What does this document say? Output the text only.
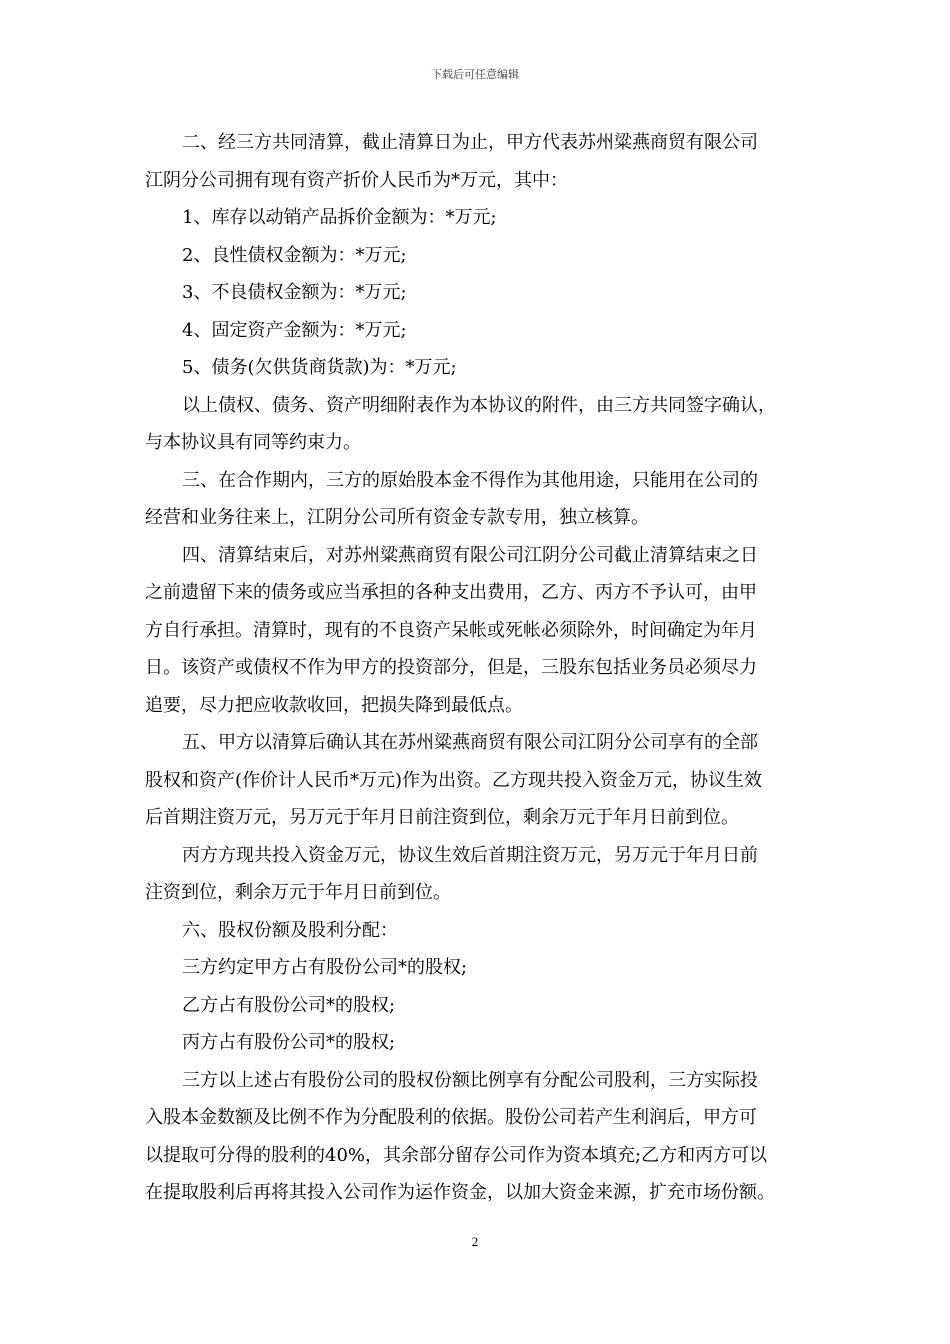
下载后可任意编辑

二、经三方共同清算，截止清算日为止，甲方代表苏州粱燕商贸有限公司

江阴分公司拥有现有资产折价人民币为*万元，其中：

1、库存以动销产品拆价金额为：*万元;

2、良性债权金额为：*万元;

3、不良债权金额为：*万元;

4、固定资产金额为：*万元;

5、债务(欠供货商货款)为：*万元;

以上债权、债务、资产明细附表作为本协议的附件，由三方共同签字确认，

与本协议具有同等约束力。

三、在合作期内，三方的原始股本金不得作为其他用途，只能用在公司的

经营和业务往来上，江阴分公司所有资金专款专用，独立核算。

四、清算结束后，对苏州粱燕商贸有限公司江阴分公司截止清算结束之日

之前遗留下来的债务或应当承担的各种支出费用，乙方、丙方不予认可，由甲

方自行承担。清算时，现有的不良资产呆帐或死帐必须除外，时间确定为年月

日。该资产或债权不作为甲方的投资部分，但是，三股东包括业务员必须尽力

追要，尽力把应收款收回，把损失降到最低点。

五、甲方以清算后确认其在苏州粱燕商贸有限公司江阴分公司享有的全部

股权和资产(作价计人民币*万元)作为出资。乙方现共投入资金万元，协议生效

后首期注资万元，另万元于年月日前注资到位，剩余万元于年月日前到位。

丙方方现共投入资金万元，协议生效后首期注资万元，另万元于年月日前

注资到位，剩余万元于年月日前到位。

六、股权份额及股利分配：

三方约定甲方占有股份公司*的股权;

乙方占有股份公司*的股权;

丙方占有股份公司*的股权;

三方以上述占有股份公司的股权份额比例享有分配公司股利，三方实际投

入股本金数额及比例不作为分配股利的依据。股份公司若产生利润后，甲方可

以提取可分得的股利的40%，其余部分留存公司作为资本填充;乙方和丙方可以

在提取股利后再将其投入公司作为运作资金，以加大资金来源，扩充市场份额。

2
